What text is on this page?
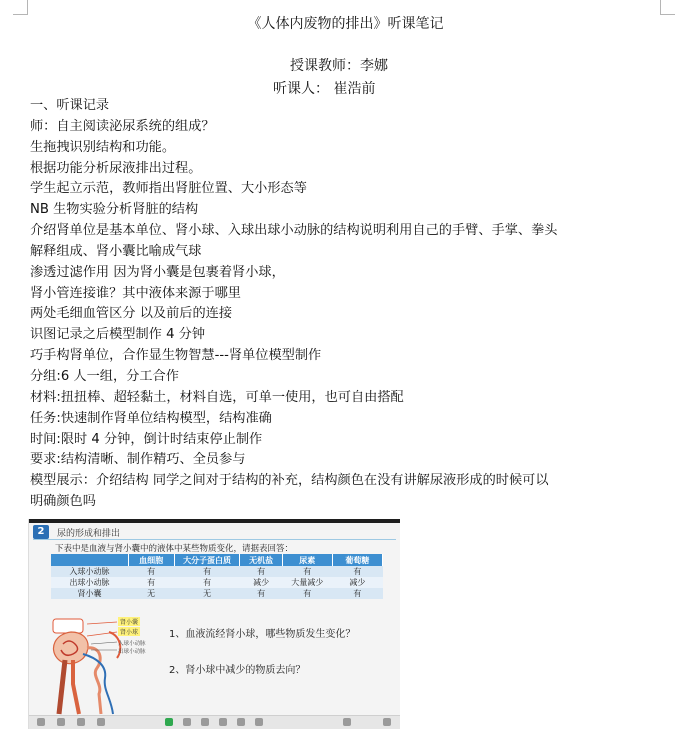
《人体内废物的排出》听课笔记
授课教师：李娜
听课人： 崔浩前
一、听课记录
师：自主阅读泌尿系统的组成？
生拖拽识别结构和功能。
根据功能分析尿液排出过程。
学生起立示范，教师指出肾脏位置、大小形态等
NB 生物实验分析肾脏的结构
介绍肾单位是基本单位、肾小球、入球出球小动脉的结构说明利用自己的手臂、手掌、拳头
解释组成、肾小囊比喻成气球
渗透过滤作用 因为肾小囊是包裹着肾小球，
肾小管连接谁？其中液体来源于哪里
两处毛细血管区分 以及前后的连接
识图记录之后模型制作 4 分钟
巧手构肾单位，合作显生物智慧---肾单位模型制作
分组:6 人一组，分工合作
材料:扭扭棒、超轻黏土，材料自选，可单一使用，也可自由搭配
任务:快速制作肾单位结构模型，结构准确
时间:限时 4 分钟，倒计时结束停止制作
要求:结构清晰、制作精巧、全员参与
模型展示：介绍结构 同学之间对于结构的补充，结构颜色在没有讲解尿液形成的时候可以
明确颜色吗
2	尿的形成和排出
下表中是血液与肾小囊中的液体中某些物质变化，请据表回答：
	血细胞	大分子蛋白质	无机盐	尿素	葡萄糖
入球小动脉	有	有	有	有	有
出球小动脉	有	有	减少	大量减少	减少
肾小囊	无	无	有	有	有
肾小囊
肾小球
入球小动脉
出球小动脉
1、血液流经肾小球，哪些物质发生变化？
2、肾小球中减少的物质去向？
